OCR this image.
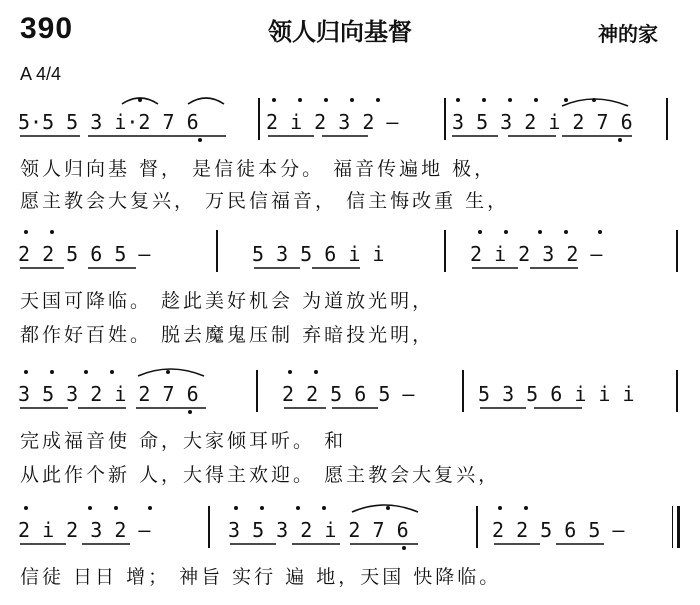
390	领人归向基督	神的家
A 4/4
5·5 5 3 i·2 7 6	2 i 2 3 2 —	3 5 3 2 i 2 7 6
领人归向基 督， 是信徒本分。 福音传遍地 极，
愿主教会大复兴， 万民信福音， 信主悔改重 生，
2 2 5 6 5 —	5 3 5 6 i i	2 i 2 3 2 —
天国可降临。 趁此美好机会 为道放光明，
都作好百姓。 脱去魔鬼压制 弃暗投光明，
3 5 3 2 i 2 7 6	2 2 5 6 5 —	5 3 5 6 i i i
完成福音使 命，大家倾耳听。 和
从此作个新 人，大得主欢迎。 愿主教会大复兴，
2 i 2 3 2 —	3 5 3 2 i 2 7 6	2 2 5 6 5 —
信徒 日日 增； 神旨 实行 遍 地，天国 快降临。
